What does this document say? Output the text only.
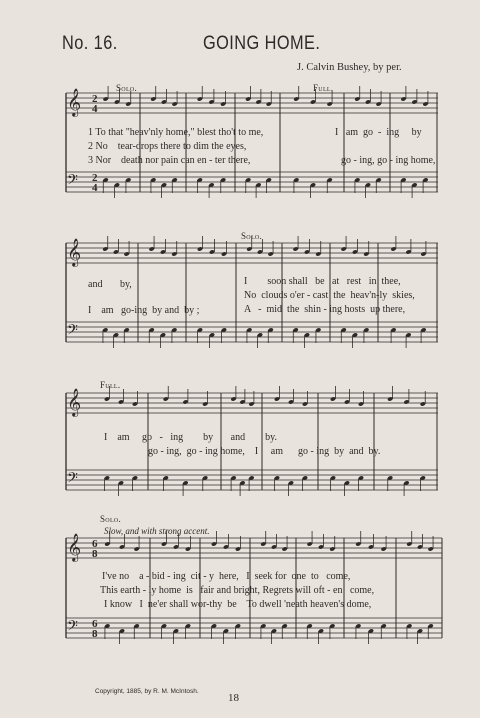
No. 16.	GOING HOME.
J. Calvin Bushey, by per.
Solo.	Full.
1 To that "heav'nly home," blest tho't to me,
2 No    tear-drops there to dim the eyes,
3 Nor    death nor pain can en - ter there,
I   am  go  -  ing     by
go - ing, go - ing home,
Solo.
and       by,
I    am   go-ing  by and  by ;
I        soon shall   be   at   rest   in  thee,
No  clouds o'er - cast  the  heav'n-ly  skies,
A   -  mid  the  shin - ing hosts  up there,
Full.
I    am     go   -   ing        by       and        by.
go - ing,  go - ing home,    I     am      go - ing  by  and  by.
Solo.
Slow, and with strong accent.
I've no    a - bid - ing  cit - y  here,   I  seek for  one  to   come,
This earth - ly home  is   fair and bright, Regrets will oft - en   come,
I know   I  ne'er shall wor-thy  be    To dwell 'neath heaven's dome,
Copyright, 1885, by R. M. McIntosh.
18
𝄞
𝄢
𝄞
𝄢
𝄞
𝄢
𝄞
𝄢
2
4
2
4
6
8
6
8
